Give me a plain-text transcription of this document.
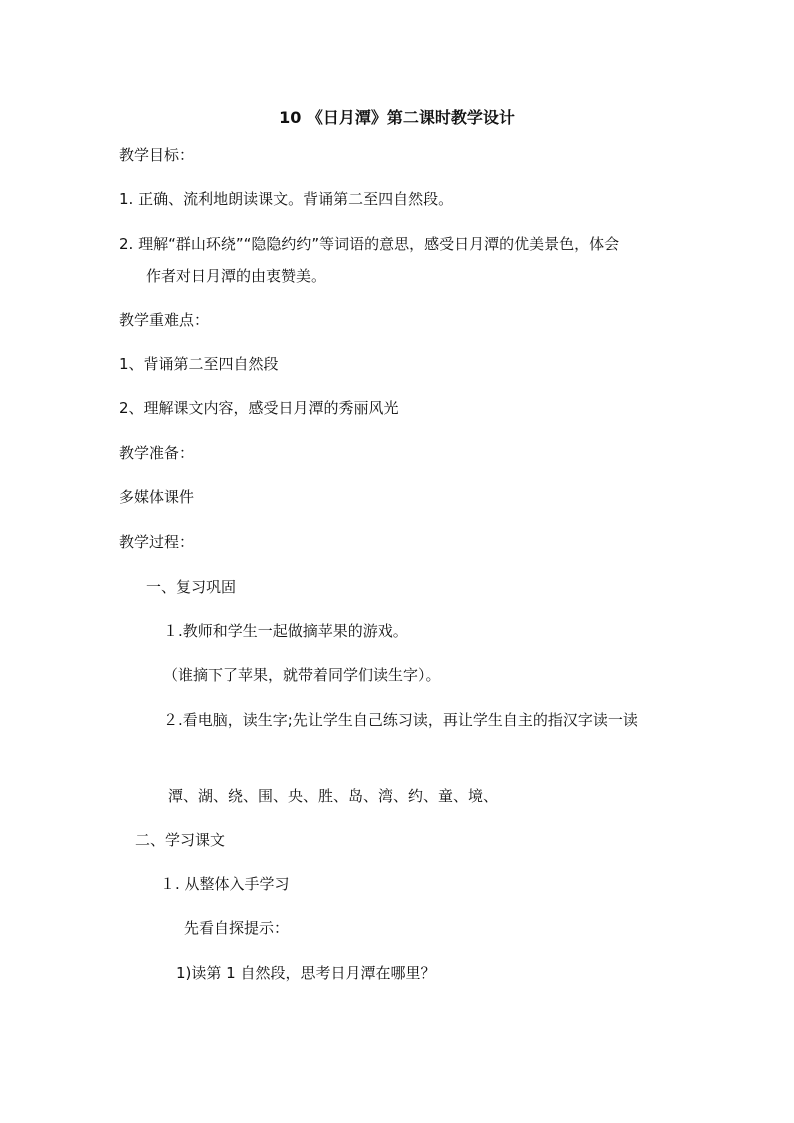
10 《日月潭》第二课时教学设计
教学目标：
1. 正确、流利地朗读课文。背诵第二至四自然段。
2. 理解“群山环绕”“隐隐约约”等词语的意思，感受日月潭的优美景色，体会
作者对日月潭的由衷赞美。
教学重难点：
1、背诵第二至四自然段
2、理解课文内容，感受日月潭的秀丽风光
教学准备：
多媒体课件
教学过程：
一、复习巩固
１.教师和学生一起做摘苹果的游戏。
（谁摘下了苹果，就带着同学们读生字）。
２.看电脑，读生字;先让学生自己练习读，再让学生自主的指汉字读一读
潭、湖、绕、围、央、胜、岛、湾、约、童、境、
二、学习课文
１. 从整体入手学习
先看自探提示：
1)读第 1 自然段，思考日月潭在哪里？
